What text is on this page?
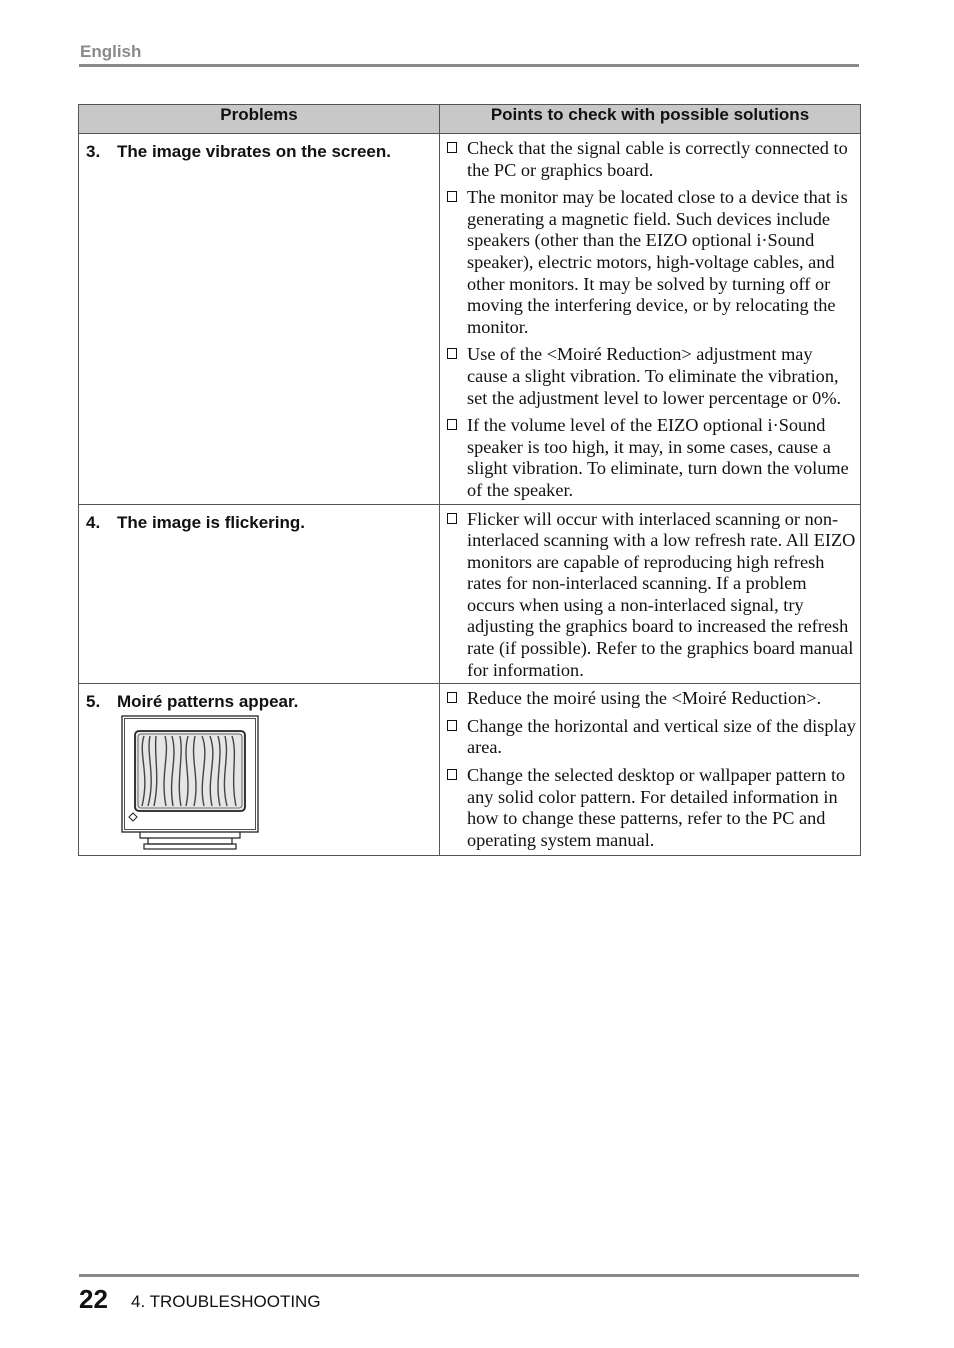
English
Problems	Points to check with possible solutions

3. The image vibrates on the screen.	Check that the signal cable is correctly connected to the PC or graphics board.
The monitor may be located close to a device that is generating a magnetic field. Such devices include speakers (other than the EIZO optional i·Sound speaker), electric motors, high-voltage cables, and other monitors. It may be solved by turning off or moving the interfering device, or by relocating the monitor.
Use of the <Moiré Reduction> adjustment may cause a slight vibration. To eliminate the vibration, set the adjustment level to lower percentage or 0%.
If the volume level of the EIZO optional i·Sound speaker is too high, it may, in some cases, cause a slight vibration. To eliminate, turn down the volume of the speaker.

4. The image is flickering.	Flicker will occur with interlaced scanning or non-interlaced scanning with a low refresh rate. All EIZO monitors are capable of reproducing high refresh rates for non-interlaced scanning. If a problem occurs when using a non-interlaced signal, try adjusting the graphics board to increased the refresh rate (if possible). Refer to the graphics board manual for information.

5. Moiré patterns appear.	Reduce the moiré using the <Moiré Reduction>.
Change the horizontal and vertical size of the display area.
Change the selected desktop or wallpaper pattern to any solid color pattern. For detailed information in how to change these patterns, refer to the PC and operating system manual.
22 4. TROUBLESHOOTING
